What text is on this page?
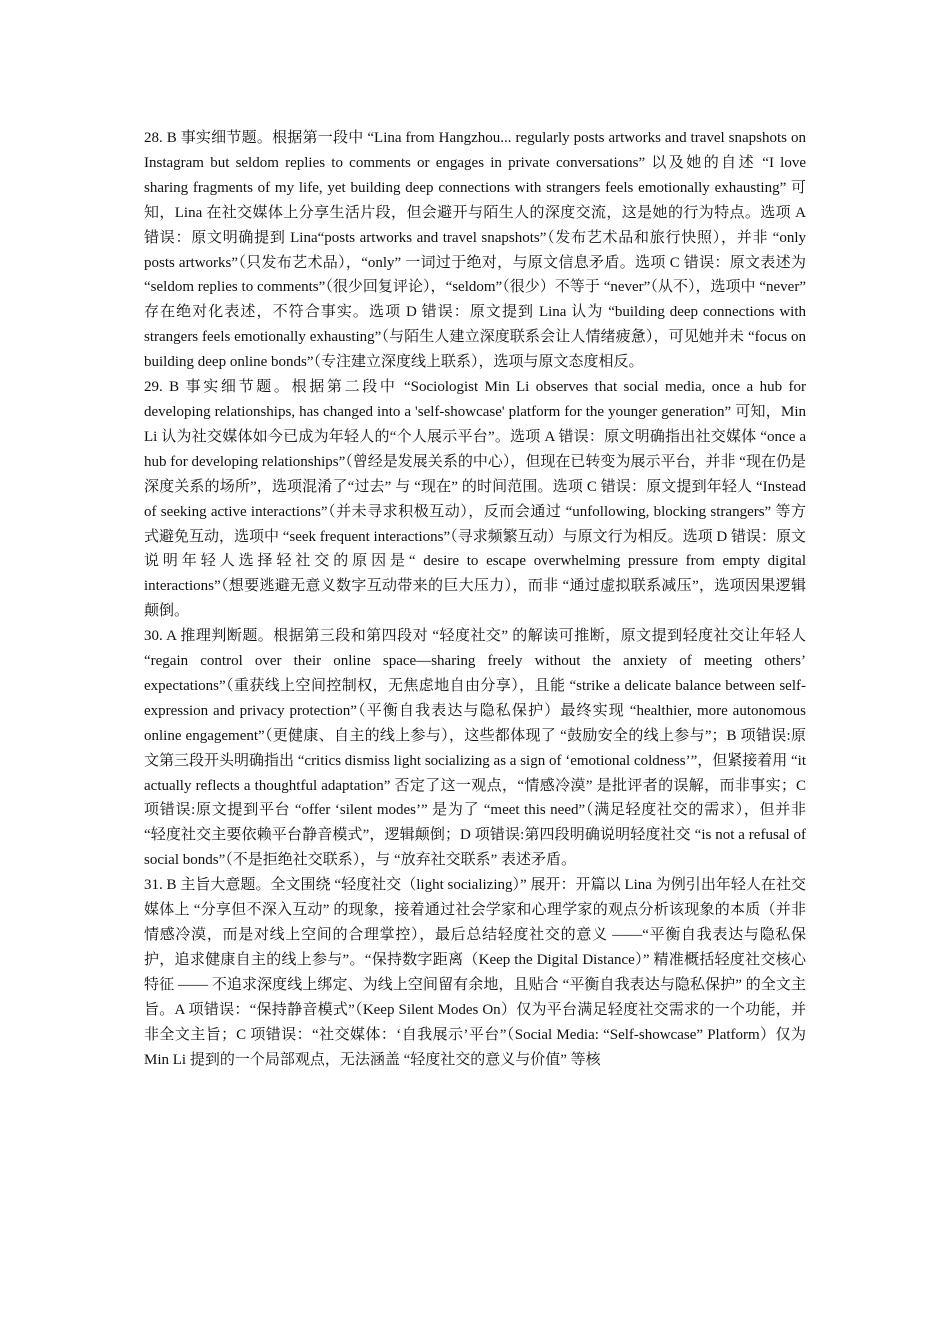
28. B 事实细节题。根据第一段中 “Lina from Hangzhou... regularly posts artworks and travel snapshots on Instagram but seldom replies to comments or engages in private conversations” 以及她的自述 “I love sharing fragments of my life, yet building deep connections with strangers feels emotionally exhausting” 可知，Lina 在社交媒体上分享生活片段，但会避开与陌生人的深度交流，这是她的行为特点。选项 A 错误：原文明确提到 Lina“posts artworks and travel snapshots”（发布艺术品和旅行快照），并非 “only posts artworks”（只发布艺术品），“only” 一词过于绝对，与原文信息矛盾。选项 C 错误：原文表述为 “seldom replies to comments”（很少回复评论），“seldom”（很少）不等于 “never”（从不），选项中 “never” 存在绝对化表述，不符合事实。选项 D 错误：原文提到 Lina 认为 “building deep connections with strangers feels emotionally exhausting”（与陌生人建立深度联系会让人情绪疲惫），可见她并未 “focus on building deep online bonds”（专注建立深度线上联系），选项与原文态度相反。

29. B 事实细节题。根据第二段中 “Sociologist Min Li observes that social media, once a hub for developing relationships, has changed into a 'self-showcase' platform for the younger generation” 可知，Min Li 认为社交媒体如今已成为年轻人的“个人展示平台”。选项 A 错误：原文明确指出社交媒体 “once a hub for developing relationships”（曾经是发展关系的中心），但现在已转变为展示平台，并非 “现在仍是深度关系的场所”，选项混淆了“过去” 与 “现在” 的时间范围。选项 C 错误：原文提到年轻人 “Instead of seeking active interactions”（并未寻求积极互动），反而会通过 “unfollowing, blocking strangers” 等方式避免互动，选项中 “seek frequent interactions”（寻求频繁互动）与原文行为相反。选项 D 错误：原文说明年轻人选择轻社交的原因是“ desire to escape overwhelming pressure from empty digital interactions”（想要逃避无意义数字互动带来的巨大压力），而非 “通过虚拟联系减压”，选项因果逻辑颠倒。

30. A 推理判断题。根据第三段和第四段对 “轻度社交” 的解读可推断，原文提到轻度社交让年轻人 “regain control over their online space—sharing freely without the anxiety of meeting others’ expectations”（重获线上空间控制权，无焦虑地自由分享），且能 “strike a delicate balance between self-expression and privacy protection”（平衡自我表达与隐私保护）最终实现 “healthier, more autonomous online engagement”（更健康、自主的线上参与），这些都体现了 “鼓励安全的线上参与”；B 项错误:原文第三段开头明确指出 “critics dismiss light socializing as a sign of ‘emotional coldness’”，但紧接着用 “it actually reflects a thoughtful adaptation” 否定了这一观点，“情感冷漠” 是批评者的误解，而非事实；C 项错误:原文提到平台 “offer ‘silent modes’” 是为了 “meet this need”（满足轻度社交的需求），但并非 “轻度社交主要依赖平台静音模式”，逻辑颠倒；D 项错误:第四段明确说明轻度社交 “is not a refusal of social bonds”（不是拒绝社交联系），与 “放弃社交联系” 表述矛盾。

31. B 主旨大意题。全文围绕 “轻度社交（light socializing）” 展开：开篇以 Lina 为例引出年轻人在社交媒体上 “分享但不深入互动” 的现象，接着通过社会学家和心理学家的观点分析该现象的本质（并非情感冷漠，而是对线上空间的合理掌控），最后总结轻度社交的意义 ——“平衡自我表达与隐私保护，追求健康自主的线上参与”。“保持数字距离（Keep the Digital Distance）” 精准概括轻度社交核心特征 —— 不追求深度线上绑定、为线上空间留有余地，且贴合 “平衡自我表达与隐私保护” 的全文主旨。A 项错误：“保持静音模式”（Keep Silent Modes On）仅为平台满足轻度社交需求的一个功能，并非全文主旨；C 项错误：“社交媒体：‘自我展示’平台”（Social Media: “Self-showcase” Platform）仅为 Min Li 提到的一个局部观点，无法涵盖 “轻度社交的意义与价值” 等核
